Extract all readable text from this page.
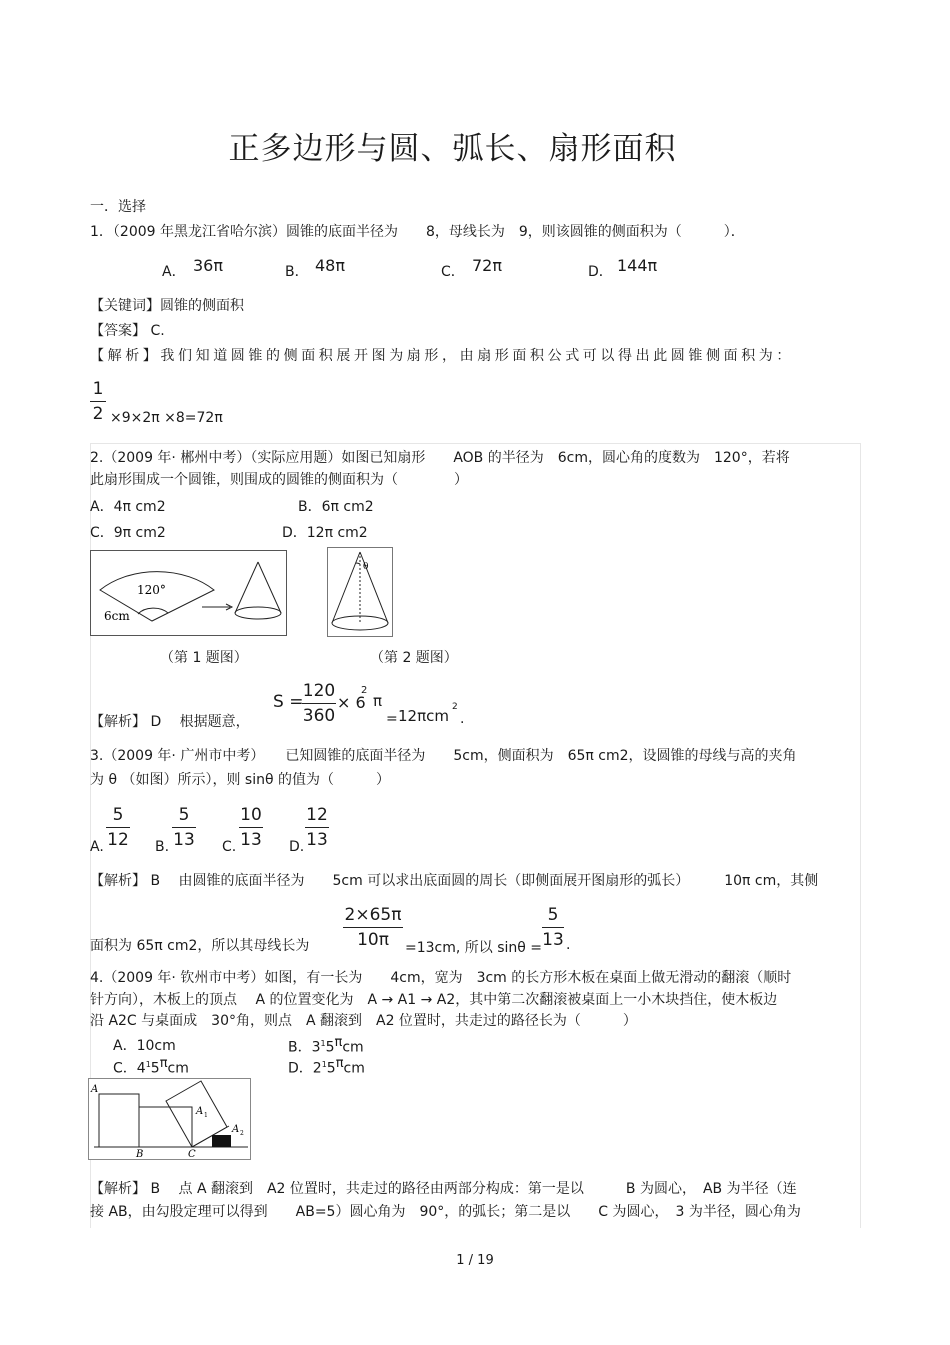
正多边形与圆、弧长、扇形面积
一．选择
1．（2009 年黑龙江省哈尔滨）圆锥的底面半径为　　8，母线长为　9，则该圆锥的侧面积为（　　　）．
A． 36π	B． 48π	C． 72π	D． 144π
【关键词】圆锥的侧面积
【答案】 C.
【解析】我们知道圆锥的侧面积展开图为扇形，由扇形面积公式可以得出此圆锥侧面积为：
1
2 ×9×2π ×8=72π
2.（2009 年· 郴州中考）（实际应用题）如图已知扇形　　AOB 的半径为　6cm，圆心角的度数为　120°，若将
此扇形围成一个圆锥，则围成的圆锥的侧面积为（　　　　）
A．4π cm2	B．6π cm2
C．9π cm2	D．12π cm2
120°
6cm
θ
（第 1 题图）	（第 2 题图）
【解析】 D　 根据题意，
S =
120
360
× 6
2
π
= 12πcm 2
.
3.（2009 年· 广州市中考）　　已知圆锥的底面半径为　　5cm，侧面积为　65π cm2，设圆锥的母线与高的夹角
为 θ （如图）所示），则 sinθ 的值为（　　　）
A.
5
12 B.
5
13 C.
10
13 D.
12
13
【解析】 B　 由圆锥的底面半径为　　5cm 可以求出底面圆的周长（即侧面展开图扇形的弧长）　　　10π cm，其侧
面积为 65π cm2，所以其母线长为
2×65π
10π	=13cm, 所以 sinθ =
5
13 .
4.（2009 年· 钦州市中考）如图，有一长为　　4cm，宽为　3cm 的长方形木板在桌面上做无滑动的翻滚（顺时
针方向），木板上的顶点　 A 的位置变化为　A → A1 → A2，其中第二次翻滚被桌面上一小木块挡住，使木板边
沿 A2C 与桌面成　30°角，则点　A 翻滚到　A2 位置时，共走过的路径长为（　　　）
A．10cm	B．$3^15^\pi cm$
C．$4^15^\pi cm$	D．$2^15^\pi cm$
A
A 1
A 2
B	C
【解析】 B　 点 A 翻滚到　A2 位置时，共走过的路径由两部分构成：第一是以　　　B 为圆心，　AB 为半径（连
接 AB，由勾股定理可以得到　　AB=5）圆心角为　90°，的弧长；第二是以　　C 为圆心，　3 为半径，圆心角为
1 / 19
